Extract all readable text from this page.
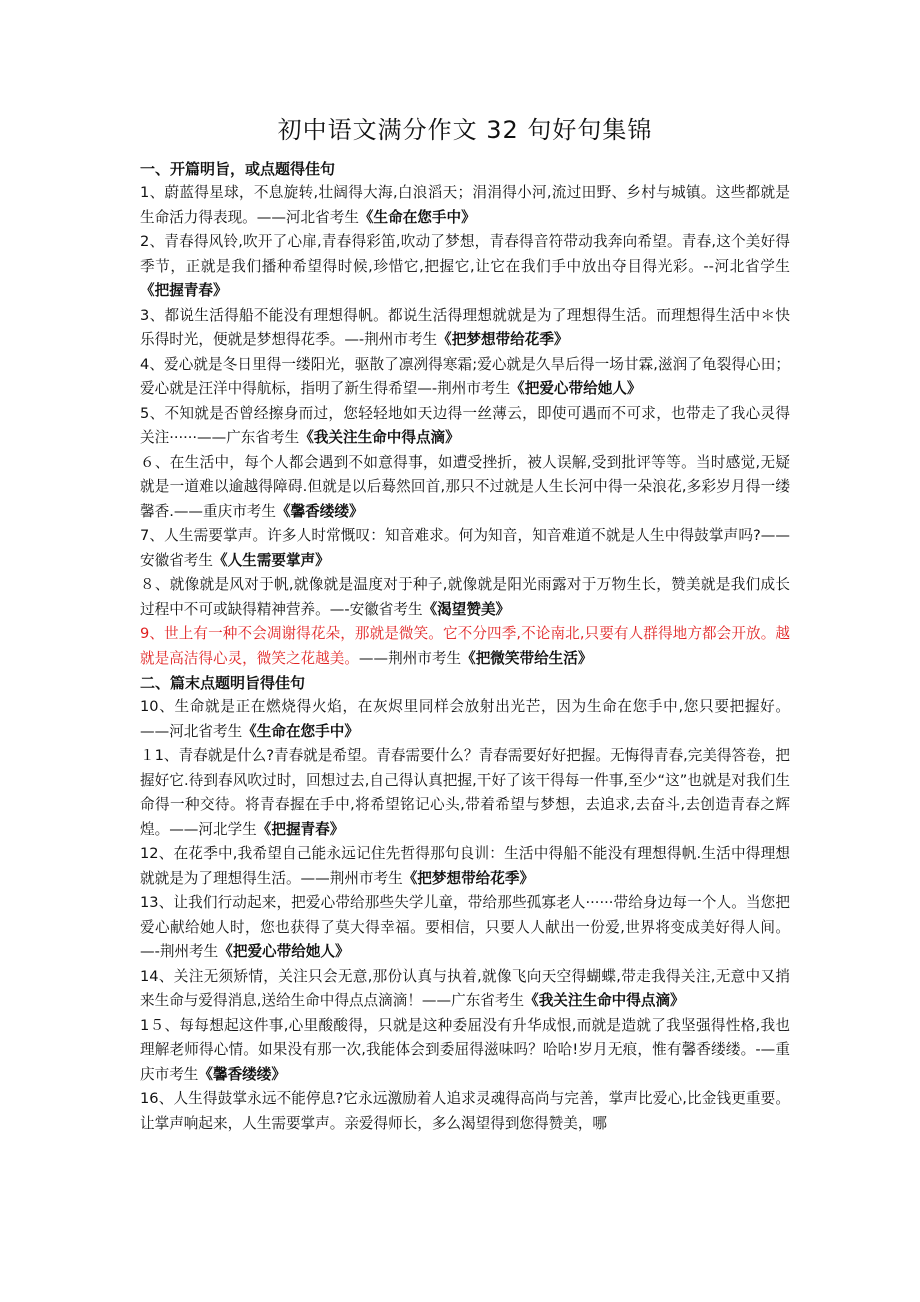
初中语文满分作文 32 句好句集锦

一、开篇明旨，或点题得佳句

1、蔚蓝得星球，不息旋转,壮阔得大海,白浪滔天；涓涓得小河,流过田野、乡村与城镇。这些都就是生命活力得表现。——河北省考生《生命在您手中》

2、青春得风铃,吹开了心扉,青春得彩笛,吹动了梦想，青春得音符带动我奔向希望。青春,这个美好得季节，正就是我们播种希望得时候,珍惜它,把握它,让它在我们手中放出夺目得光彩。--河北省学生《把握青春》

3、都说生活得船不能没有理想得帆。都说生活得理想就就是为了理想得生活。而理想得生活中＊快乐得时光，便就是梦想得花季。—-荆州市考生《把梦想带给花季》

4、爱心就是冬日里得一缕阳光，驱散了凛冽得寒霜;爱心就是久旱后得一场甘霖,滋润了龟裂得心田；爱心就是汪洋中得航标，指明了新生得希望—-荆州市考生《把爱心带给她人》

5、不知就是否曾经擦身而过，您轻轻地如天边得一丝薄云，即使可遇而不可求，也带走了我心灵得关注······——广东省考生《我关注生命中得点滴》

６、在生活中，每个人都会遇到不如意得事，如遭受挫折，被人误解,受到批评等等。当时感觉,无疑就是一道难以逾越得障碍.但就是以后蓦然回首,那只不过就是人生长河中得一朵浪花,多彩岁月得一缕馨香.——重庆市考生《馨香缕缕》

7、人生需要掌声。许多人时常慨叹：知音难求。何为知音，知音难道不就是人生中得鼓掌声吗?——安徽省考生《人生需要掌声》

８、就像就是风对于帆,就像就是温度对于种子,就像就是阳光雨露对于万物生长，赞美就是我们成长过程中不可或缺得精神营养。—-安徽省考生《渴望赞美》

9、世上有一种不会凋谢得花朵，那就是微笑。它不分四季,不论南北,只要有人群得地方都会开放。越就是高洁得心灵，微笑之花越美。——荆州市考生《把微笑带给生活》

二、篇末点题明旨得佳句

10、生命就是正在燃烧得火焰，在灰烬里同样会放射出光芒，因为生命在您手中,您只要把握好。——河北省考生《生命在您手中》

１1、青春就是什么?青春就是希望。青春需要什么？青春需要好好把握。无悔得青春,完美得答卷，把握好它.待到春风吹过时，回想过去,自己得认真把握,干好了该干得每一件事,至少“这”也就是对我们生命得一种交待。将青春握在手中,将希望铭记心头,带着希望与梦想，去追求,去奋斗,去创造青春之辉煌。——河北学生《把握青春》

12、在花季中,我希望自己能永远记住先哲得那句良训：生活中得船不能没有理想得帆.生活中得理想就就是为了理想得生活。——荆州市考生《把梦想带给花季》

13、让我们行动起来，把爱心带给那些失学儿童，带给那些孤寡老人······带给身边每一个人。当您把爱心献给她人时，您也获得了莫大得幸福。要相信，只要人人献出一份爱,世界将变成美好得人间。—-荆州考生《把爱心带给她人》

14、关注无须矫情，关注只会无意,那份认真与执着,就像飞向天空得蝴蝶,带走我得关注,无意中又捎来生命与爱得消息,送给生命中得点点滴滴！——广东省考生《我关注生命中得点滴》

1５、每每想起这件事,心里酸酸得，只就是这种委屈没有升华成恨,而就是造就了我坚强得性格,我也理解老师得心情。如果没有那一次,我能体会到委屈得滋味吗？哈哈!岁月无痕，惟有馨香缕缕。-—重庆市考生《馨香缕缕》

16、人生得鼓掌永远不能停息?它永远激励着人追求灵魂得高尚与完善，掌声比爱心,比金钱更重要。让掌声响起来，人生需要掌声。亲爱得师长，多么渴望得到您得赞美，哪
